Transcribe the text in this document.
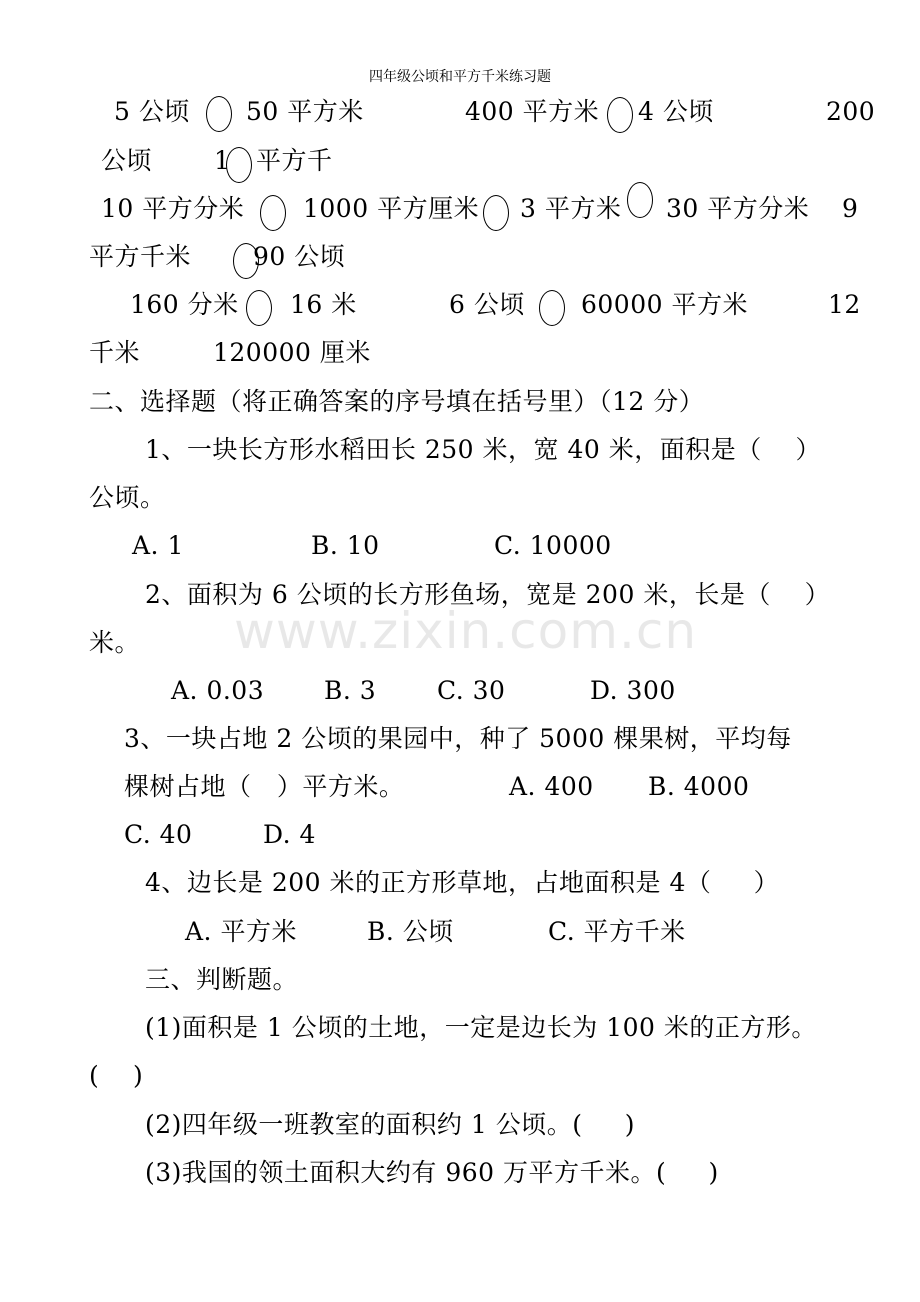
四年级公顷和平方千米练习题
5 公顷 50 平方米	400 平方米 4 公顷	200
公顷 1 平方千
10 平方分米 1000 平方厘米 3 平方米 30 平方分米 9
平方千米 90 公顷
160 分米 16 米	6 公顷 60000 平方米	12
千米	120000 厘米
二、选择题（将正确答案的序号填在括号里）（12 分）
1、一块长方形水稻田长 250 米，宽 40 米，面积是（    ）
公顷。
A. 1	B. 10	C. 10000
2、面积为 6 公顷的长方形鱼场，宽是 200 米，长是（    ）
米。
A. 0.03 B. 3 C. 30	D. 300
3、一块占地 2 公顷的果园中，种了 5000 棵果树，平均每
棵树占地（   ）平方米。	A. 400 B. 4000
C. 40	D. 4
4、边长是 200 米的正方形草地，占地面积是 4（     ）
A. 平方米	B. 公顷	C. 平方千米
三、判断题。
(1)面积是 1 公顷的土地，一定是边长为 100 米的正方形。
(    )
(2)四年级一班教室的面积约 1 公顷。(     )
(3)我国的领土面积大约有 960 万平方千米。(     )
www.zixin.com.cn
